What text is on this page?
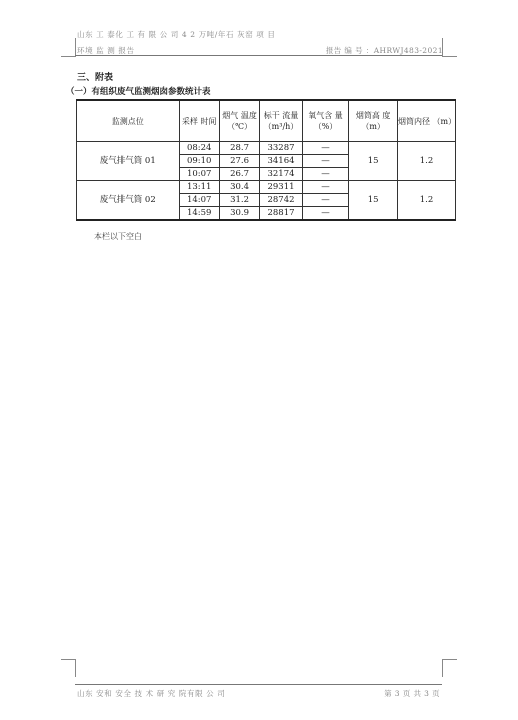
山东 工 泰化 工 有 限 公 司 4 2 万吨/年石 灰窑 项 目
环境 监 测 报告	报告 编 号 ：AHRWJ483-2021
三、附表
（一）有组织废气监测烟囱参数统计表
监测点位	采样 时间	烟气 温度 （℃）	标干 流量 （m³/h）	氧气含 量（%）	烟筒高 度（m）	烟筒内径 （m）
废气排气筒 01	08:24	28.7	33287	—	15	1.2
	09:10	27.6	34164	—		
	10:07	26.7	32174	—		
废气排气筒 02	13:11	30.4	29311	—	15	1.2
	14:07	31.2	28742	—		
	14:59	30.9	28817	—		
本栏以下空白
山东 安和 安全 技 术 研 究 院有限 公 司	第 3 页 共 3 页
